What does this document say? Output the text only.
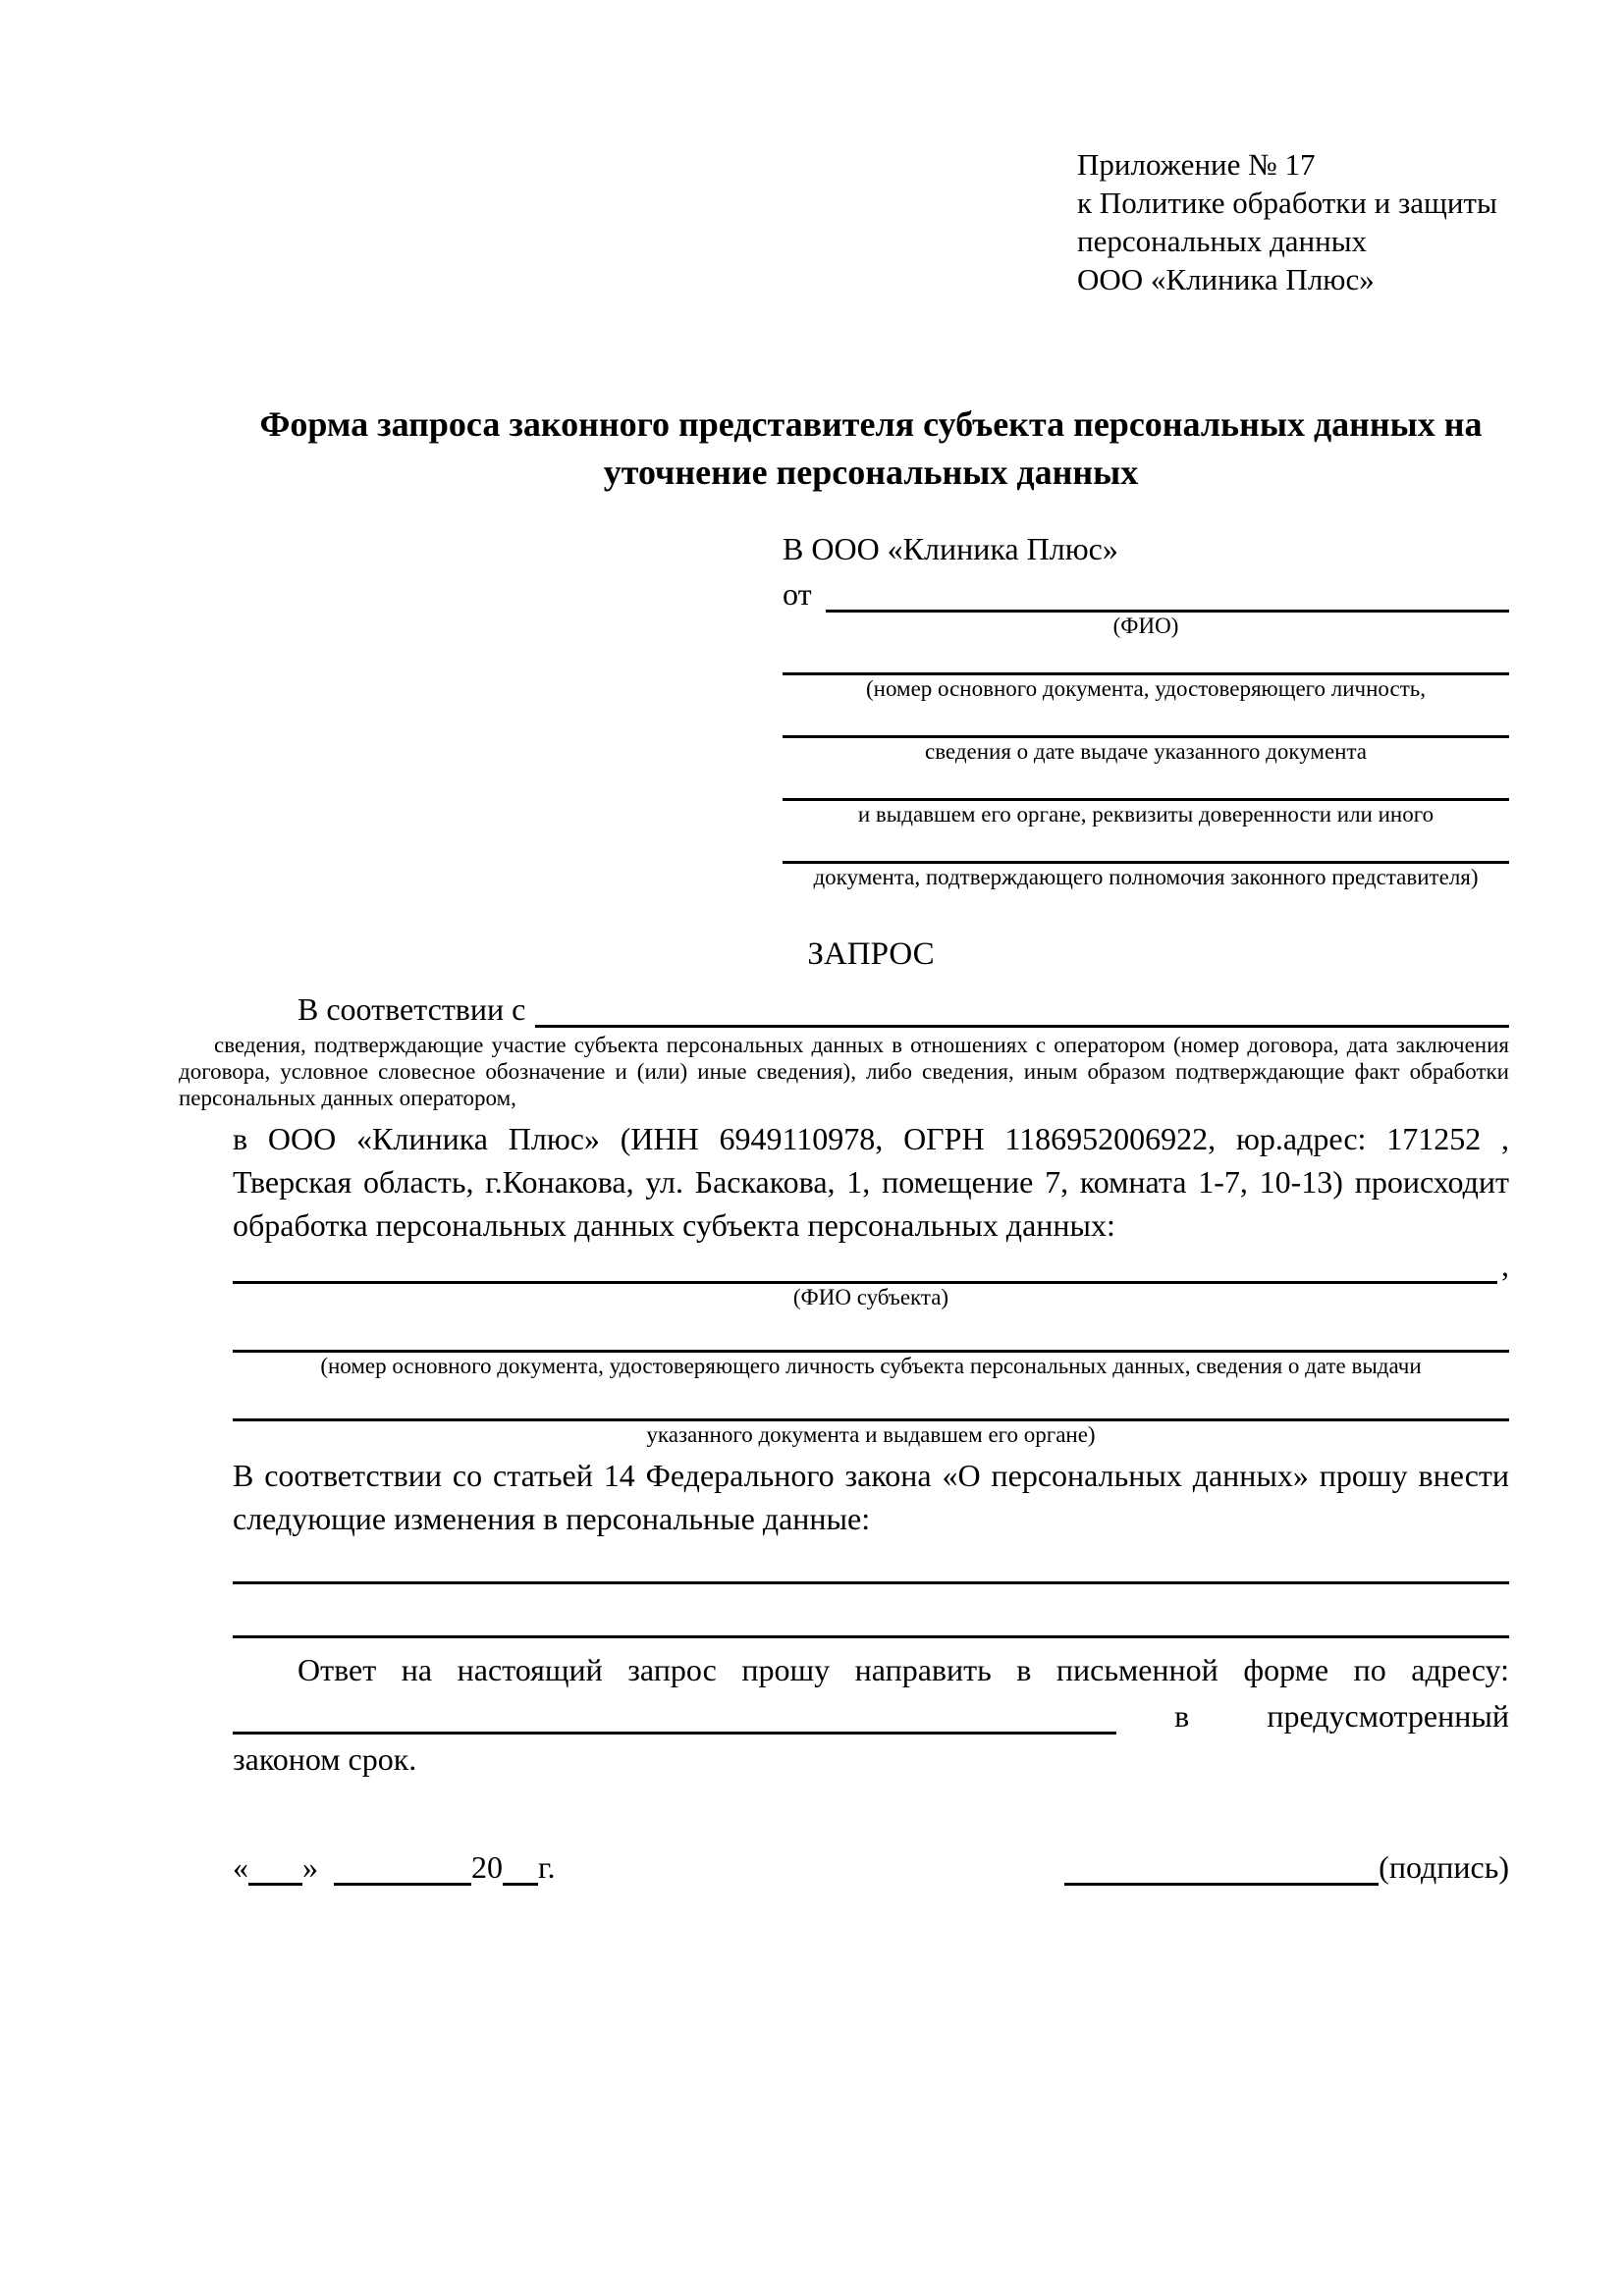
Приложение № 17
к Политике обработки и защиты
персональных данных
ООО «Клиника Плюс»
Форма запроса законного представителя субъекта персональных данных на уточнение персональных данных
В ООО «Клиника Плюс»
от
(ФИО)
(номер основного документа, удостоверяющего личность,
сведения о дате выдаче указанного документа
и выдавшем его органе, реквизиты доверенности или иного
документа, подтверждающего полномочия законного представителя)
ЗАПРОС
В соответствии с
сведения, подтверждающие участие субъекта персональных данных в отношениях с оператором (номер договора, дата заключения договора, условное словесное обозначение и (или) иные сведения), либо сведения, иным образом подтверждающие факт обработки персональных данных оператором,
в ООО «Клиника Плюс» (ИНН 6949110978, ОГРН 1186952006922, юр.адрес: 171252 , Тверская область, г.Конакова, ул. Баскакова, 1, помещение 7, комната 1-7, 10-13) происходит обработка персональных данных субъекта персональных данных:
,
(ФИО субъекта)
(номер основного документа, удостоверяющего личность субъекта персональных данных, сведения о дате выдачи
указанного документа и выдавшем его органе)
В соответствии со статьей 14 Федерального закона «О персональных данных» прошу внести следующие изменения в персональные данные:
Ответ на настоящий запрос прошу направить в письменной форме по адресу:
в предусмотренный
законом срок.
« »	20 г.	(подпись)
